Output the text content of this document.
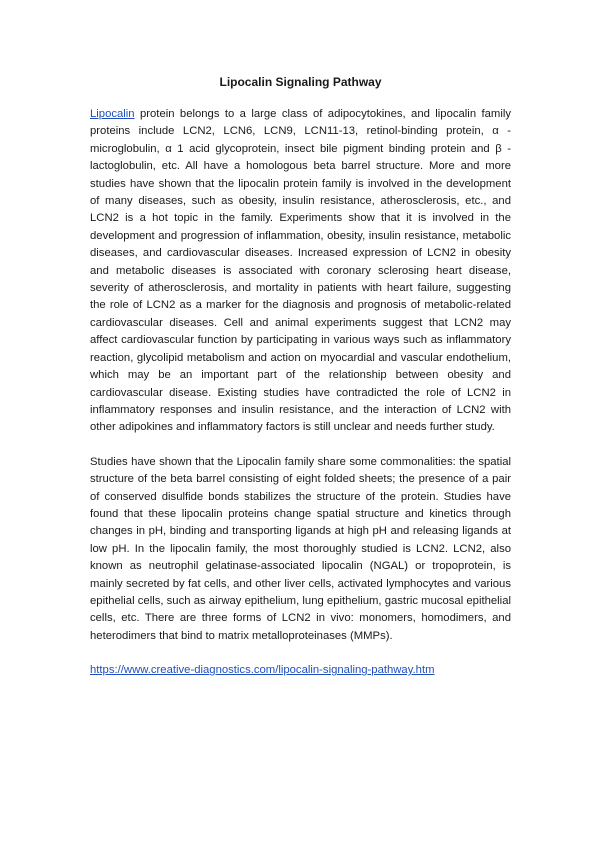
Lipocalin Signaling Pathway

Lipocalin protein belongs to a large class of adipocytokines, and lipocalin family proteins include LCN2, LCN6, LCN9, LCN11-13, retinol-binding protein, α -microglobulin, α 1 acid glycoprotein, insect bile pigment binding protein and β -lactoglobulin, etc. All have a homologous beta barrel structure. More and more studies have shown that the lipocalin protein family is involved in the development of many diseases, such as obesity, insulin resistance, atherosclerosis, etc., and LCN2 is a hot topic in the family. Experiments show that it is involved in the development and progression of inflammation, obesity, insulin resistance, metabolic diseases, and cardiovascular diseases. Increased expression of LCN2 in obesity and metabolic diseases is associated with coronary sclerosing heart disease, severity of atherosclerosis, and mortality in patients with heart failure, suggesting the role of LCN2 as a marker for the diagnosis and prognosis of metabolic-related cardiovascular diseases. Cell and animal experiments suggest that LCN2 may affect cardiovascular function by participating in various ways such as inflammatory reaction, glycolipid metabolism and action on myocardial and vascular endothelium, which may be an important part of the relationship between obesity and cardiovascular disease. Existing studies have contradicted the role of LCN2 in inflammatory responses and insulin resistance, and the interaction of LCN2 with other adipokines and inflammatory factors is still unclear and needs further study.

Studies have shown that the Lipocalin family share some commonalities: the spatial structure of the beta barrel consisting of eight folded sheets; the presence of a pair of conserved disulfide bonds stabilizes the structure of the protein. Studies have found that these lipocalin proteins change spatial structure and kinetics through changes in pH, binding and transporting ligands at high pH and releasing ligands at low pH. In the lipocalin family, the most thoroughly studied is LCN2. LCN2, also known as neutrophil gelatinase-associated lipocalin (NGAL) or tropoprotein, is mainly secreted by fat cells, and other liver cells, activated lymphocytes and various epithelial cells, such as airway epithelium, lung epithelium, gastric mucosal epithelial cells, etc. There are three forms of LCN2 in vivo: monomers, homodimers, and heterodimers that bind to matrix metalloproteinases (MMPs).

https://www.creative-diagnostics.com/lipocalin-signaling-pathway.htm
